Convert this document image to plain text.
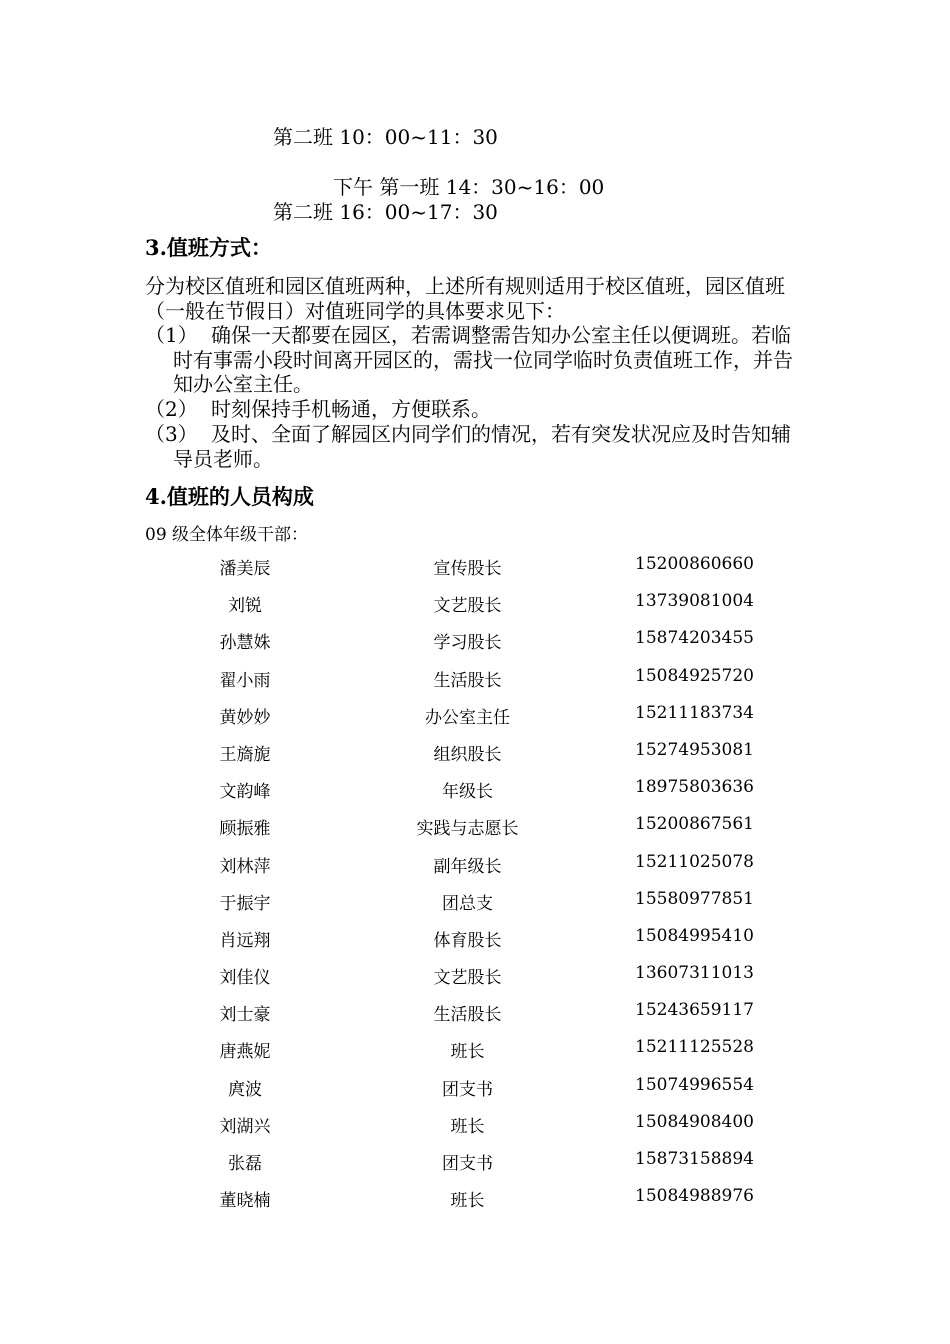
第二班 10：00~11：30
下午 第一班 14：30~16：00
第二班 16：00~17：30
3.值班方式：
分为校区值班和园区值班两种，上述所有规则适用于校区值班，园区值班（一般在节假日）对值班同学的具体要求见下：
（1） 确保一天都要在园区，若需调整需告知办公室主任以便调班。若临时有事需小段时间离开园区的，需找一位同学临时负责值班工作，并告知办公室主任。
（2） 时刻保持手机畅通，方便联系。
（3） 及时、全面了解园区内同学们的情况，若有突发状况应及时告知辅导员老师。
4.值班的人员构成
09 级全体年级干部：
潘美辰	宣传股长	15200860660
刘锐	文艺股长	13739081004
孙慧姝	学习股长	15874203455
翟小雨	生活股长	15084925720
黄妙妙	办公室主任	15211183734
王旖旎	组织股长	15274953081
文韵峰	年级长	18975803636
顾振雅	实践与志愿长	15200867561
刘林萍	副年级长	15211025078
于振宇	团总支	15580977851
肖远翔	体育股长	15084995410
刘佳仪	文艺股长	13607311013
刘士豪	生活股长	15243659117
唐燕妮	班长	15211125528
庹波	团支书	15074996554
刘湖兴	班长	15084908400
张磊	团支书	15873158894
董晓楠	班长	15084988976
